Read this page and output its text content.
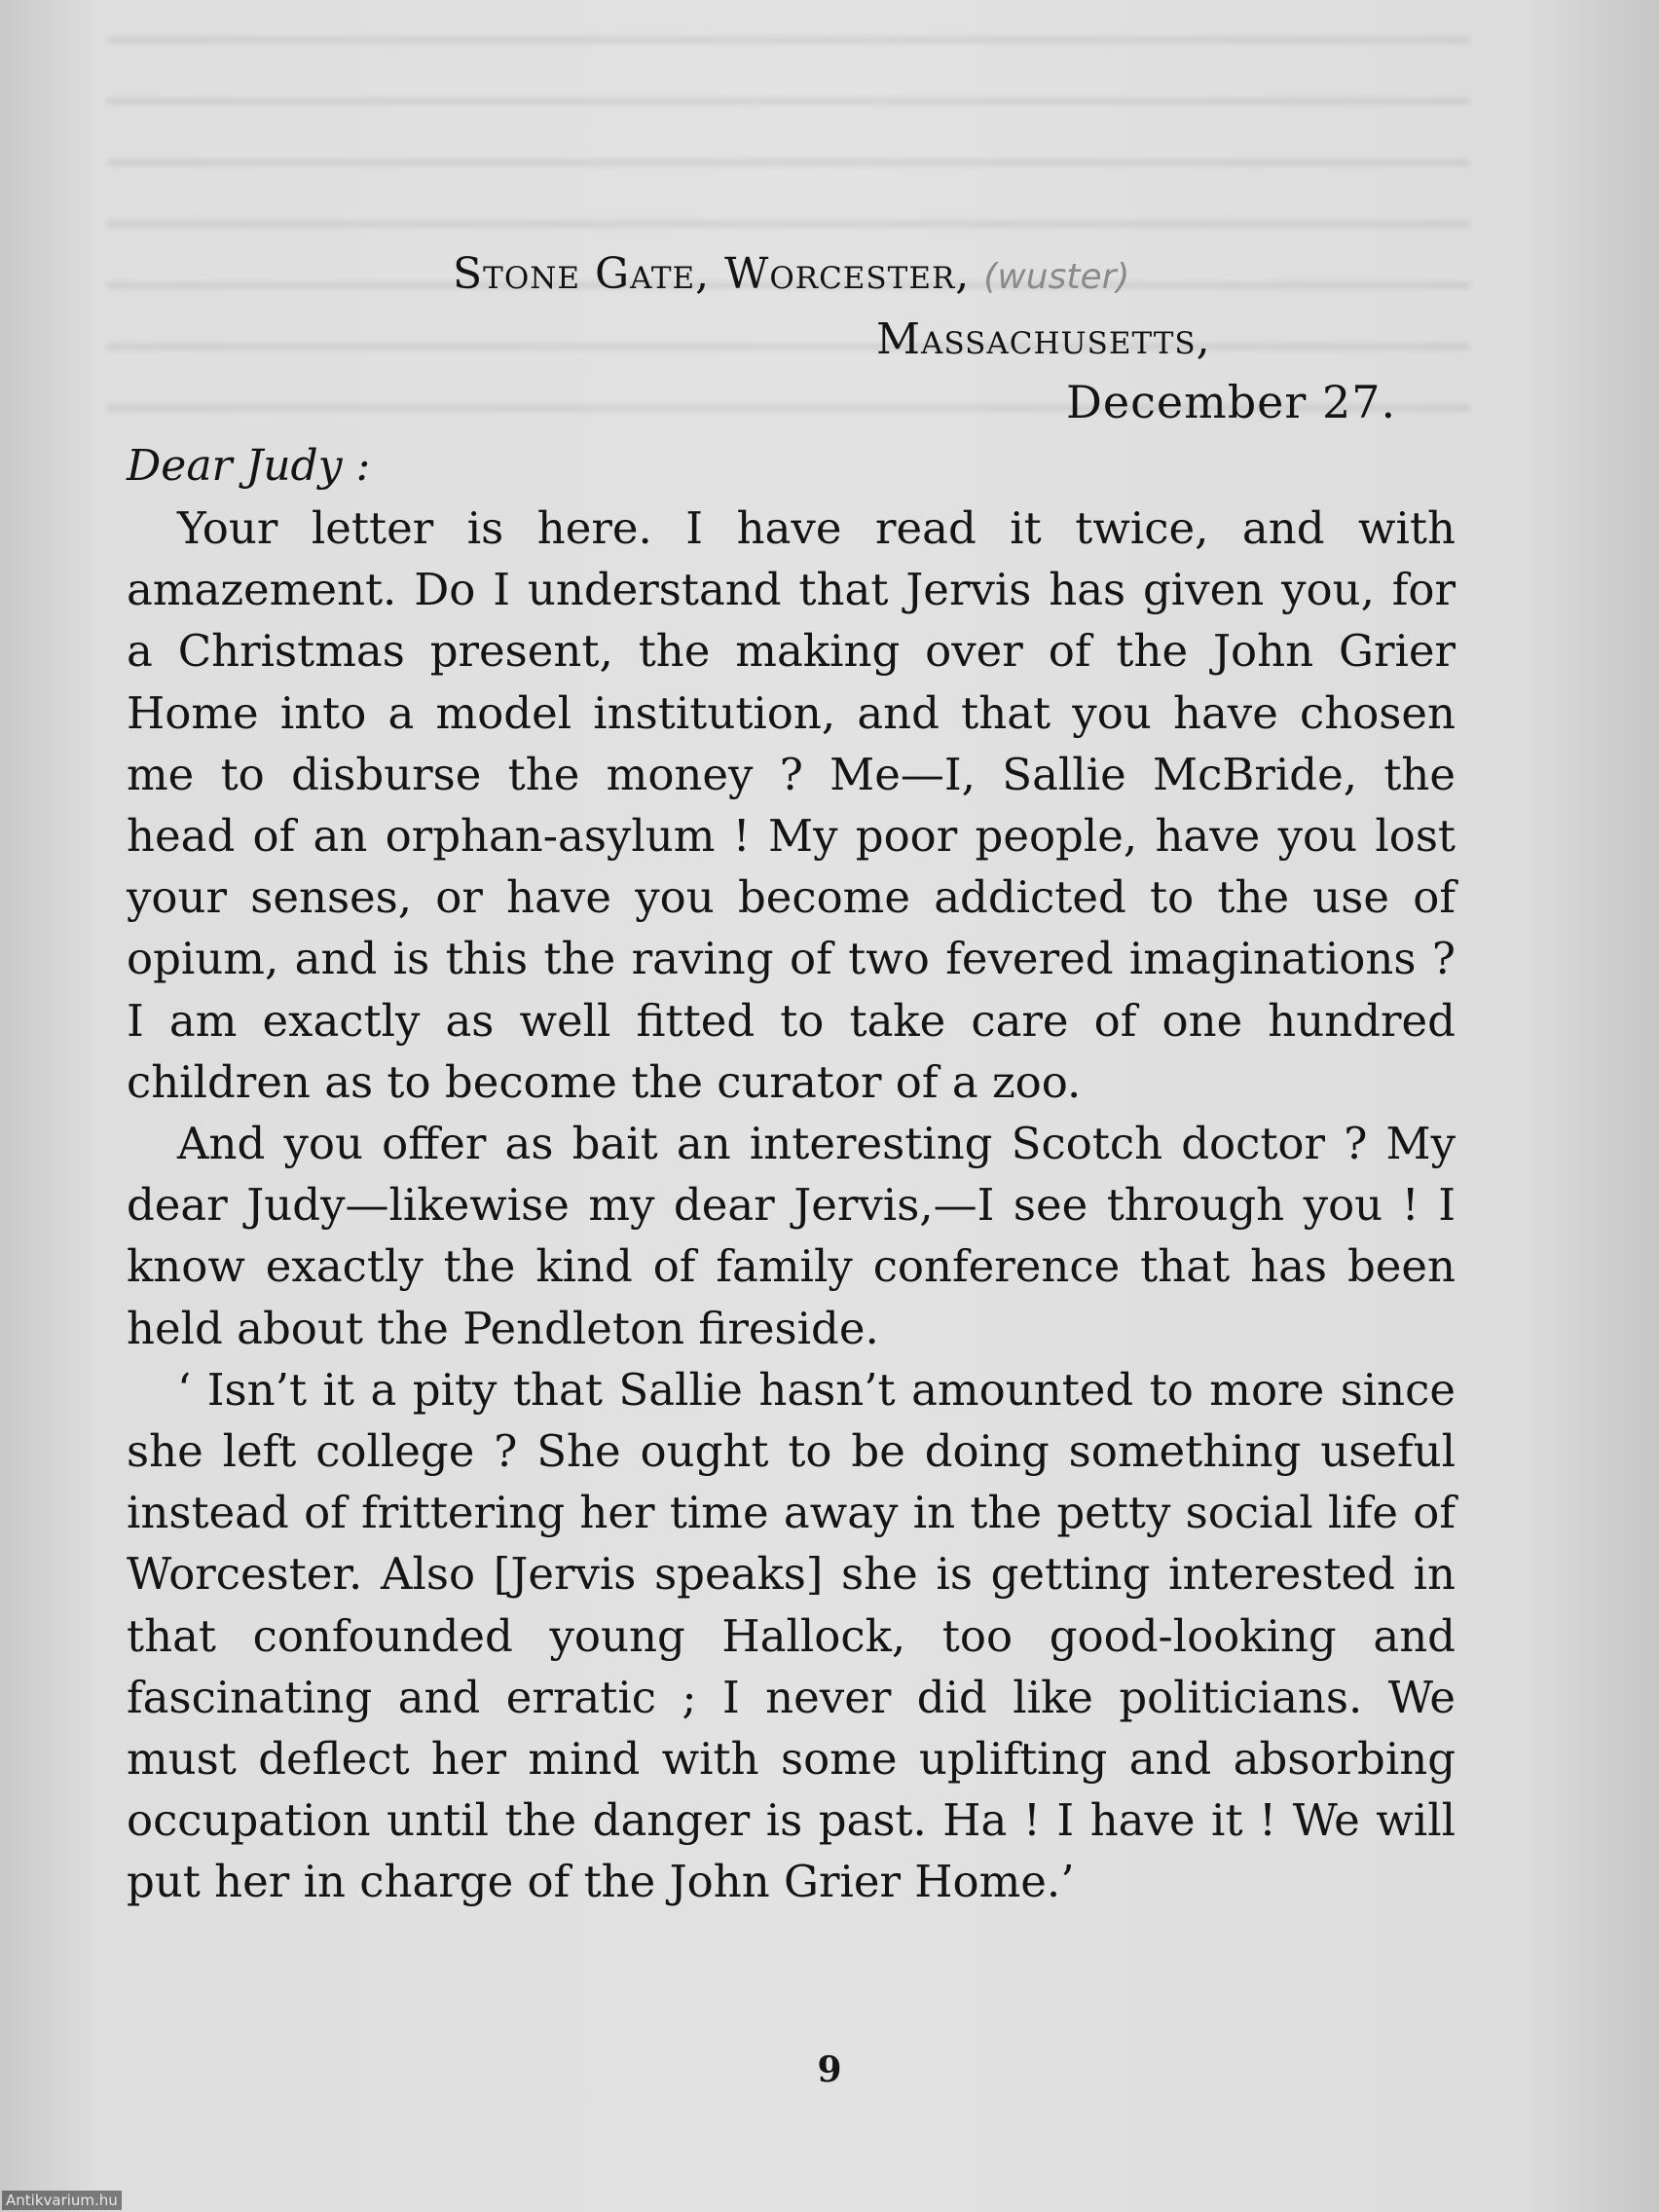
Stone Gate, Worcester, (wuster)
Massachusetts,
December 27.
Dear Judy :

Your letter is here. I have read it twice, and with amazement. Do I understand that Jervis has given you, for a Christmas present, the making over of the John Grier Home into a model institution, and that you have chosen me to disburse the money ? Me—I, Sallie McBride, the head of an orphan-asylum ! My poor people, have you lost your senses, or have you become addicted to the use of opium, and is this the raving of two fevered imaginations ? I am exactly as well fitted to take care of one hundred children as to become the curator of a zoo.

And you offer as bait an interesting Scotch doctor ? My dear Judy—likewise my dear Jervis,—I see through you ! I know exactly the kind of family conference that has been held about the Pendleton fireside.

‘ Isn’t it a pity that Sallie hasn’t amounted to more since she left college ? She ought to be doing something useful instead of frittering her time away in the petty social life of Worcester. Also [Jervis speaks] she is getting interested in that confounded young Hallock, too good-looking and fascinating and erratic ; I never did like politicians. We must deflect her mind with some uplifting and absorbing occupation until the danger is past. Ha ! I have it ! We will put her in charge of the John Grier Home.’

9
Antikvarium.hu
